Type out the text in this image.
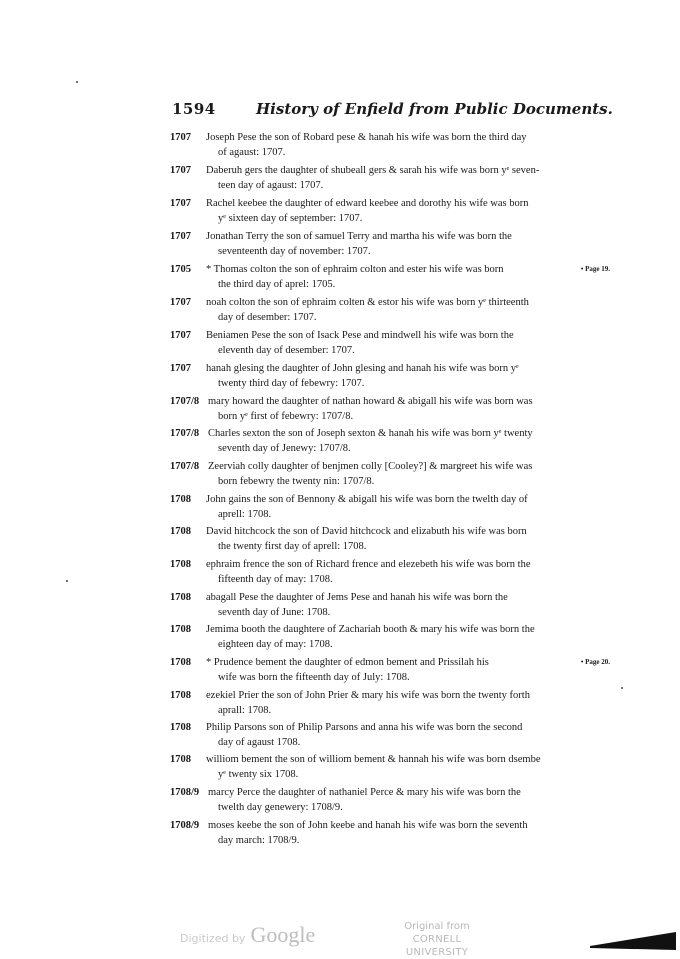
1594	History of Enfield from Public Documents.
1707 Joseph Pese the son of Robard pese & hanah his wife was born the third day
of agaust: 1707.
1707 Daberuh gers the daughter of shubeall gers & sarah his wife was born yᵉ seven-
teen day of agaust: 1707.
1707 Rachel keebee the daughter of edward keebee and dorothy his wife was born
yᵉ sixteen day of september: 1707.
1707 Jonathan Terry the son of samuel Terry and martha his wife was born the
seventeenth day of november: 1707.
1705 * Thomas colton the son of ephraim colton and ester his wife was born
the third day of aprel: 1705.
• Page 19.
1707 noah colton the son of ephraim colten & estor his wife was born yᵉ thirteenth
day of desember: 1707.
1707 Beniamen Pese the son of Isack Pese and mindwell his wife was born the
eleventh day of desember: 1707.
1707 hanah glesing the daughter of John glesing and hanah his wife was born yᵉ
twenty third day of febewry: 1707.
1707/8 mary howard the daughter of nathan howard & abigall his wife was born was
born yᵉ first of febewry: 1707/8.
1707/8 Charles sexton the son of Joseph sexton & hanah his wife was born yᵉ twenty
seventh day of Jenewy: 1707/8.
1707/8 Zeerviah colly daughter of benjmen colly [Cooley?] & margreet his wife was
born febewry the twenty nin: 1707/8.
1708 John gains the son of Bennony & abigall his wife was born the twelth day of
aprell: 1708.
1708 David hitchcock the son of David hitchcock and elizabuth his wife was born
the twenty first day of aprell: 1708.
1708 ephraim frence the son of Richard frence and elezebeth his wife was born the
fifteenth day of may: 1708.
1708 abagall Pese the daughter of Jems Pese and hanah his wife was born the
seventh day of June: 1708.
1708 Jemima booth the daughtere of Zachariah booth & mary his wife was born the
eighteen day of may: 1708.
1708 * Prudence bement the daughter of edmon bement and Prissilah his
wife was born the fifteenth day of July: 1708.
• Page 20.
1708 ezekiel Prier the son of John Prier & mary his wife was born the twenty forth
aprall: 1708.
1708 Philip Parsons son of Philip Parsons and anna his wife was born the second
day of agaust 1708.
1708 williom bement the son of williom bement & hannah his wife was born dsembe
yᵉ twenty six 1708.
1708/9 marcy Perce the daughter of nathaniel Perce & mary his wife was born the
twelth day genewery: 1708/9.
1708/9 moses keebe the son of John keebe and hanah his wife was born the seventh
day march: 1708/9.
Digitized by Google	Original from
CORNELL UNIVERSITY
